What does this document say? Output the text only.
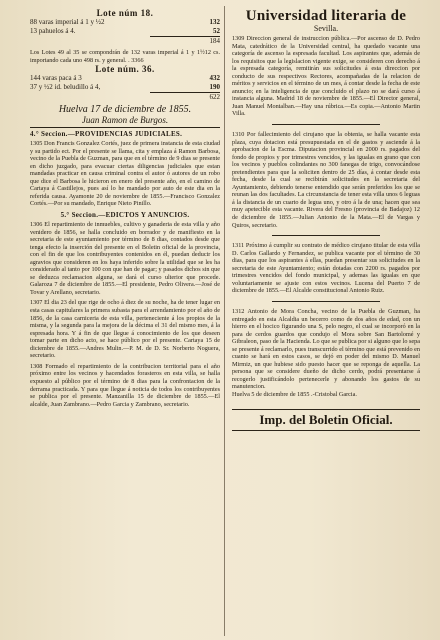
Lote núm 18.

88 varas imperial á 1 y ½2	132
13 pahuelos á 4.	52
184

Los Lotes 49 al 35 se compondrán de 132 varas imperial á 1 y 1½12 cs. importando cada uno 498 rs. y general. . 3366

Lote núm. 36.

144 varas paca á 3	432
37 y ½2 id. beludillo á 4,	190
622

Huelva 17 de diciembre de 1855.

Juan Ramon de Burgos.

4.° Seccion.—PROVIDENCIAS JUDICIALES.

1305 Don Francis Gonzalez Cortés, juez de primera instancia de esta ciudad y su partido ect. Por el presente se llama, cita y emplaza á Ramon Barbosa, vecino de la Puebla de Guzman, para que en el término de 9 dias se presente en dicho juzgado, para evacuar ciertas diligencias judiciales que estan mandadas practicar en causa criminal contra el autor ó autores de un robo que dice el Barbosa le hicieron en enero del presente año, en el camino de Cartaya á Castillejos, pues así lo he mandado por auto de este dia en la referida causa. Ayamonte 20 de noviembre de 1855.—Francisco Gonzalez Cortés.—Por su mandado, Enrique Nieto Pinillo.

5.° Seccion.—EDICTOS Y ANUNCIOS.

1306 El repartimiento de inmuebles, cultivo y ganaderia de esta villa y año venidero de 1856, se halla concluido en borrador y de manifiesto en la secretaria de este ayuntamiento por término de 8 dias, contados desde que tenga efecto la inserción del presente en el Boletin oficial de la provincia, con el fin de que los contribuyentes contenidos en él, puedan deducir los agravios que consideren en los haya inferido sobre la utilidad que se les ha considerado al tanto por 100 con que han de pagar; y pasados dichos sin que se deduzca reclamacion alguna, se dará el curso ulterior que procede. Galaroza 7 de diciembre de 1855.—El presidente, Pedro Olivera.—José de Tovar y Arellano, secretario.

1307 El dia 23 del que rige de ocho á diez de su noche, ha de tener lugar en esta casas capitulares la primera subasta para el arrendamiento por el año de 1856, de la casa carniceria de esta villa, perteneciente á los propios de la misma, y la segunda para la mejora de la décima el 31 del mismo mes, á la espresada hora. Y á fin de que llegue á conocimiento de los que deseen tomar parte en dicho acto, se hace público por el presente. Cartaya 15 de diciembre de 1855.—Andres Mulin.—P. M. de D. Sr. Norberto Noguera, secretario.

1308 Formado el repartimiento de la contribucion territorial para el año próximo entre los vecinos y hacendados forasteros en esta villa, se halla expuesto al público por el término de 8 dias para la confrontacion de la derrama practicada. Y para que llegue á noticia de todos los contribuyentes se publica por el presente. Manzanilla 15 de diciembre de 1855.—El alcalde, Juan Zambrano.—Pedro Garcia y Zambrano, secretario.

Universidad literaria de

Sevilla.

1309 Direccion general de instruccion pública.—Por ascenso de D. Pedro Mata, catedrático de la Universidad central, ha quedado vacante una categoría de ascenso la espresada facultad. Los aspirantes que, además de los requisitos que la legislacion vigente exige, se consideren con derecho á la espresada categoría, remitirán sus solicitudes á esta direccion por conducto de sus respectivos Rectores, acompañadas de la relacion de méritos y servicios en el término de un mes, á contar desde la fecha de este anuncio; en la inteligencia de que concluido el plazo no se dará curso á instancia alguna. Madrid 18 de noviembre de 1855.—El Director general, Juan Manuel Montalban.—Hay una rúbrica.—Es copia.—Antonio Martin Villa.

1310 Por fallecimiento del cirujano que la obtenia, se halla vacante esta plaza, cuya dotacion está presupuestada en el de gastos y asciende á la aprobacion de la Escma. Diputacion provincial en 2000 rs. pagados del fondo de propios y por trimestres vencidos, y las igualas en grano que con los vecinos y pueblos colindantes no 300 fanegas de trigo, convocándose pretendientes para que la soliciten dentro de 25 días, á contar desde esta fecha, desde la cual se recibirán solicitudes en la secretaria del Ayuntamiento, debiendo tenerse entendido que serán preferidos los que se reunan las dos facultades. La circunstancia de tener esta villa unos 6 leguas á la distancia de un cuarto de legua uno, y otro á la de una; hacen que sea muy apetecible esta vacante. Rivera del Fresno (provincia de Badajoz) 12 de diciembre de 1855.—Julian Antonio de la Mata.—El de Vargas y Quiros, secretario.

1311 Próximo á cumplir su contrato de médico cirujano titular de esta villa D. Carlos Gallardo y Fernandez, se publica vacante por el término de 30 dias, para que los aspirantes á ellas, puedan presentar sus solicitudes en la secretaria de este Ayuntamiento; están dotadas con 2200 rs. pagados por trimestres vencidos del fondo municipal, y ademas las igualas en que voluntariamente se ajuste con estos vecinos. Lucena del Puerto 7 de diciembre de 1855.—El Alcalde constitucional Antonio Ruiz.

1312 Antonio de Mora Concha, vecino de la Puebla de Guzman, ha entregado en esta Alcaldia un becerro como de dos años de edad, con un hierro en el hocico figurando una S, pelo negro, el cual se incorporó en la para de cerdos guardos que condujo el Mora sobre San Bartolomé y Gibraleon, paso de la Hacienda. Lo que se publica por si alguno que lo sepa se presente á reclamarlo, pues transcurrido el término que está prevenido en cuanto se hará en estos casos, se dejó en poder del mismo D. Manuel Mirmiz, un que hubiese sido puesto hacer que se reponga de aquella. La persona que se considere dueño de dicho cerdo, podrá presentarse á recogerlo justificándolo pertenecerle y abonando los gastos de su manutencion.

Huelva 5 de diciembre de 1855 .-Cristobal Garcia.

Imp. del Boletin Oficial.
